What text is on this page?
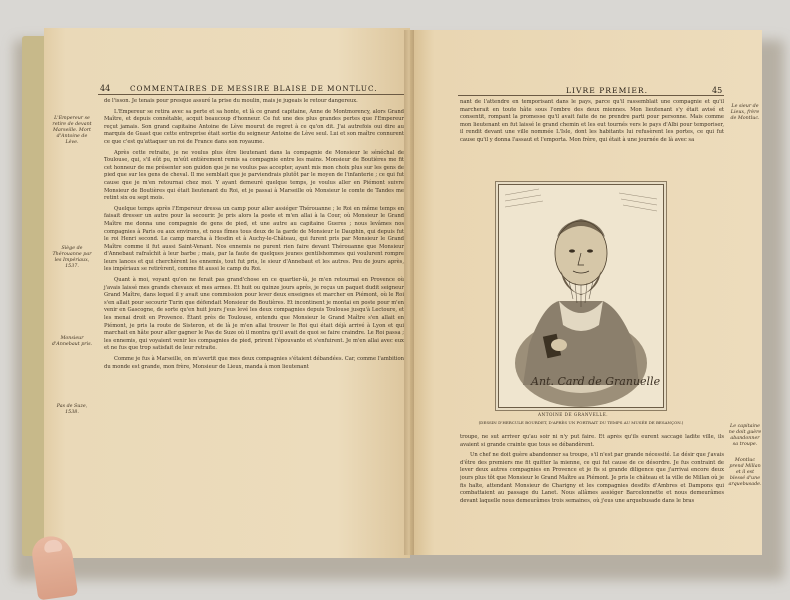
44	COMMENTAIRES DE MESSIRE BLAISE DE MONTLUC.
L'Empereur se retire de devant Marseille. Mort d'Antoine de Lève.
Siège de Thérouanne par les Impériaux, 1537.
Monsieur d'Annebaut pris.
Pas de Suze, 1538.

de l'isson. Je tenais pour presque assuré la prise du moulin, mais je jugeais le retour dangereux.

L'Empereur se retira avec sa perte et sa honte, et là ce grand capitaine, Anne de Montmorency, alors Grand Maître, et depuis connétable, acquit beaucoup d'honneur. Ce fut une des plus grandes pertes que l'Empereur reçut jamais. Son grand capitaine Antoine de Lève mourut de regret à ce qu'on dit. J'ai autrefois oui dire au marquis de Guast que cette entreprise était sortie du seigneur Antoine de Lève seul. Lui et son maître connurent ce que c'est qu'attaquer un roi de France dans son royaume.

Après cette retraite, je ne voulus plus être lieutenant dans la compagnie de Monsieur le sénéchal de Toulouse, qui, s'il eût pu, m'eût entièrement remis sa compagnie entre les mains. Monsieur de Boutières me fit cet honneur de me présenter son guidon que je ne voulus pas accepter, ayant mis mon choix plus sur les gens de pied que sur les gens de cheval. Il me semblait que je parviendrais plutôt par le moyen de l'infanterie ; ce qui fut cause que je m'en retournai chez moi. Y ayant demeuré quelque temps, je voulus aller en Piémont suivre Monsieur de Boutières qui était lieutenant du Roi, et je passai à Marseille où Monsieur le comte de Tandes me retint six ou sept mois.

Quelque temps après l'Empereur dressa un camp pour aller assiéger Thérouanne ; le Roi en même temps en faisait dresser un autre pour la secourir. Je pris alors la poste et m'en allai à la Cour, où Monsieur le Grand Maître me donna une compagnie de gens de pied, et une autre au capitaine Gueres ; nous levâmes nos compagnies à Paris ou aux environs, et nous fîmes tous deux de la garde de Monsieur le Dauphin, qui depuis fut le roi Henri second. Le camp marcha à Hesdin et à Auchy-le-Château, qui furent pris par Monsieur le Grand Maître comme il fut aussi Saint-Venant. Nos ennemis ne purent rien faire devant Thérouanne que Monsieur d'Annebaut rafraîchit à leur barbe ; mais, par la faute de quelques jeunes gentilshommes qui voulurent rompre leurs lances et qui cherchèrent les ennemis, tout fut pris, le sieur d'Annebaut et les autres. Peu de jours après, les impériaux se retirèrent, comme fit aussi le camp du Roi.

Quant à moi, voyant qu'on ne ferait pas grand'chose en ce quartier-là, je m'en retournai en Provence où j'avais laissé mes grands chevaux et mes armes. Et huit ou quinze jours après, je reçus un paquet dudit seigneur Grand Maître, dans lequel il y avait une commission pour lever deux enseignes et marcher en Piémont, où le Roi s'en allait pour secourir Turin que défendait Monsieur de Boutières. Et incontinent je montai en poste pour m'en venir en Gascogne, de sorte qu'en huit jours j'eus levé les deux compagnies depuis Toulouse jusqu'à Lectoure, et les menai droit en Provence. Étant près de Toulouse, entendu que Monsieur le Grand Maître s'en allait en Piémont, je pris la route de Sisteron, et de là je m'en allai trouver le Roi qui était déjà arrivé à Lyon et qui marchait en hâte pour aller gagner le Pas de Suze où il montra qu'il avait de quoi se faire craindre. Le Roi passa ; les ennemis, qui voyaient venir les compagnies de pied, prirent l'épouvante et s'enfuirent. Je m'en allai avec eux et ne fus que trop satisfait de leur retraite.

Comme je fus à Marseille, on m'avertit que mes deux compagnies s'étaient débandées. Car, comme l'ambition du monde est grande, mon frère, Monsieur de Lieux, manda à mon lieutenant

LIVRE PREMIER.	45

nant de l'attendre en temporisant dans le pays, parce qu'il rassemblait une compagnie et qu'il marcherait en toute hâte sous l'ombre des deux miennes. Mon lieutenant s'y était avisé et consentit, rompant la promesse qu'il avait faite de ne prendre parti pour personne. Mais comme mon lieutenant en fut laissé le grand chemin et les eut tournés vers le pays d'Albi pour temporiser, il rendit devant une ville nommée L'Isle, dont les habitants lui refusèrent les portes, ce qui fut cause qu'il y donna l'assaut et l'emporta. Mon frère, qui était à une journée de là avec sa

Le sieur de Lieux, frère de Montluc.
Le capitaine ne doit guère abandonner sa troupe.
Montluc prend Millan et il est blessé d'une arquebusade.
Ant. Card de Granuelle
ANTOINE DE GRANVELLE.
(DESSIN D'HERCULE BOURDET, D'APRÈS UN PORTRAIT DU TEMPS AU MUSÉE DE BESANÇON.)

troupe, ne sut arriver qu'au soir ni n'y put faire. Et après qu'ils eurent saccagé ladite ville, ils avaient si grande crainte que tous se débandèrent.

Un chef ne doit guère abandonner sa troupe, s'il n'est par grande nécessité. Le désir que j'avais d'être des premiers me fit quitter la mienne, ce qui fut cause de ce désordre. Je fus contraint de lever deux autres compagnies en Provence et je fis si grande diligence que j'arrivai encore deux jours plus tôt que Monsieur le Grand Maître au Piémont. Je pris le château et la ville de Millan où je fis halte, attendant Monsieur de Charigny et les compagnies desdits d'Ambres et Dampons qui combattaient au passage du Lanet. Nous allâmes assiéger Barcelonnette et nous demeurâmes devant laquelle nous demeurâmes trois semaines, où j'eus une arquebusade dans le bras
